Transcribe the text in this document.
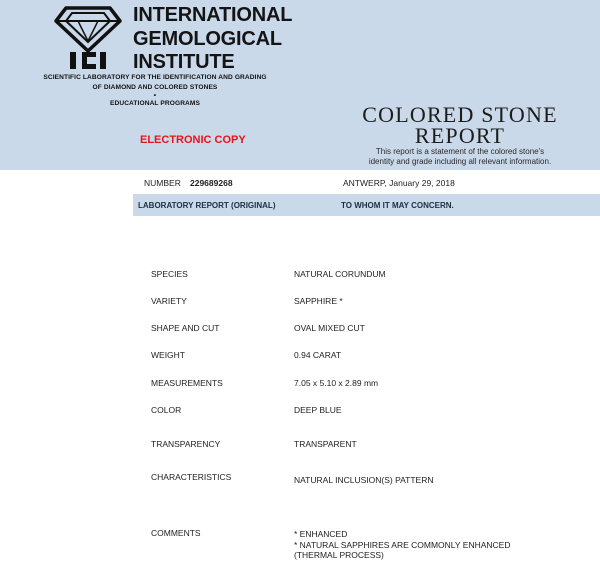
INTERNATIONAL
GEMOLOGICAL
INSTITUTE
SCIENTIFIC LABORATORY FOR THE IDENTIFICATION AND GRADING
OF DIAMOND AND COLORED STONES
•
EDUCATIONAL PROGRAMS
ELECTRONIC COPY
COLORED STONE
REPORT
This report is a statement of the colored stone's
identity and grade including all relevant information.
NUMBER 229689268	ANTWERP, January 29, 2018
LABORATORY REPORT (ORIGINAL)	TO WHOM IT MAY CONCERN.
SPECIES	NATURAL CORUNDUM
VARIETY	SAPPHIRE *
SHAPE AND CUT	OVAL MIXED CUT
WEIGHT	0.94 CARAT
MEASUREMENTS	7.05 x 5.10 x 2.89 mm
COLOR	DEEP BLUE
TRANSPARENCY	TRANSPARENT
CHARACTERISTICS	NATURAL INCLUSION(S) PATTERN
COMMENTS	* ENHANCED
* NATURAL SAPPHIRES ARE COMMONLY ENHANCED
(THERMAL PROCESS)
